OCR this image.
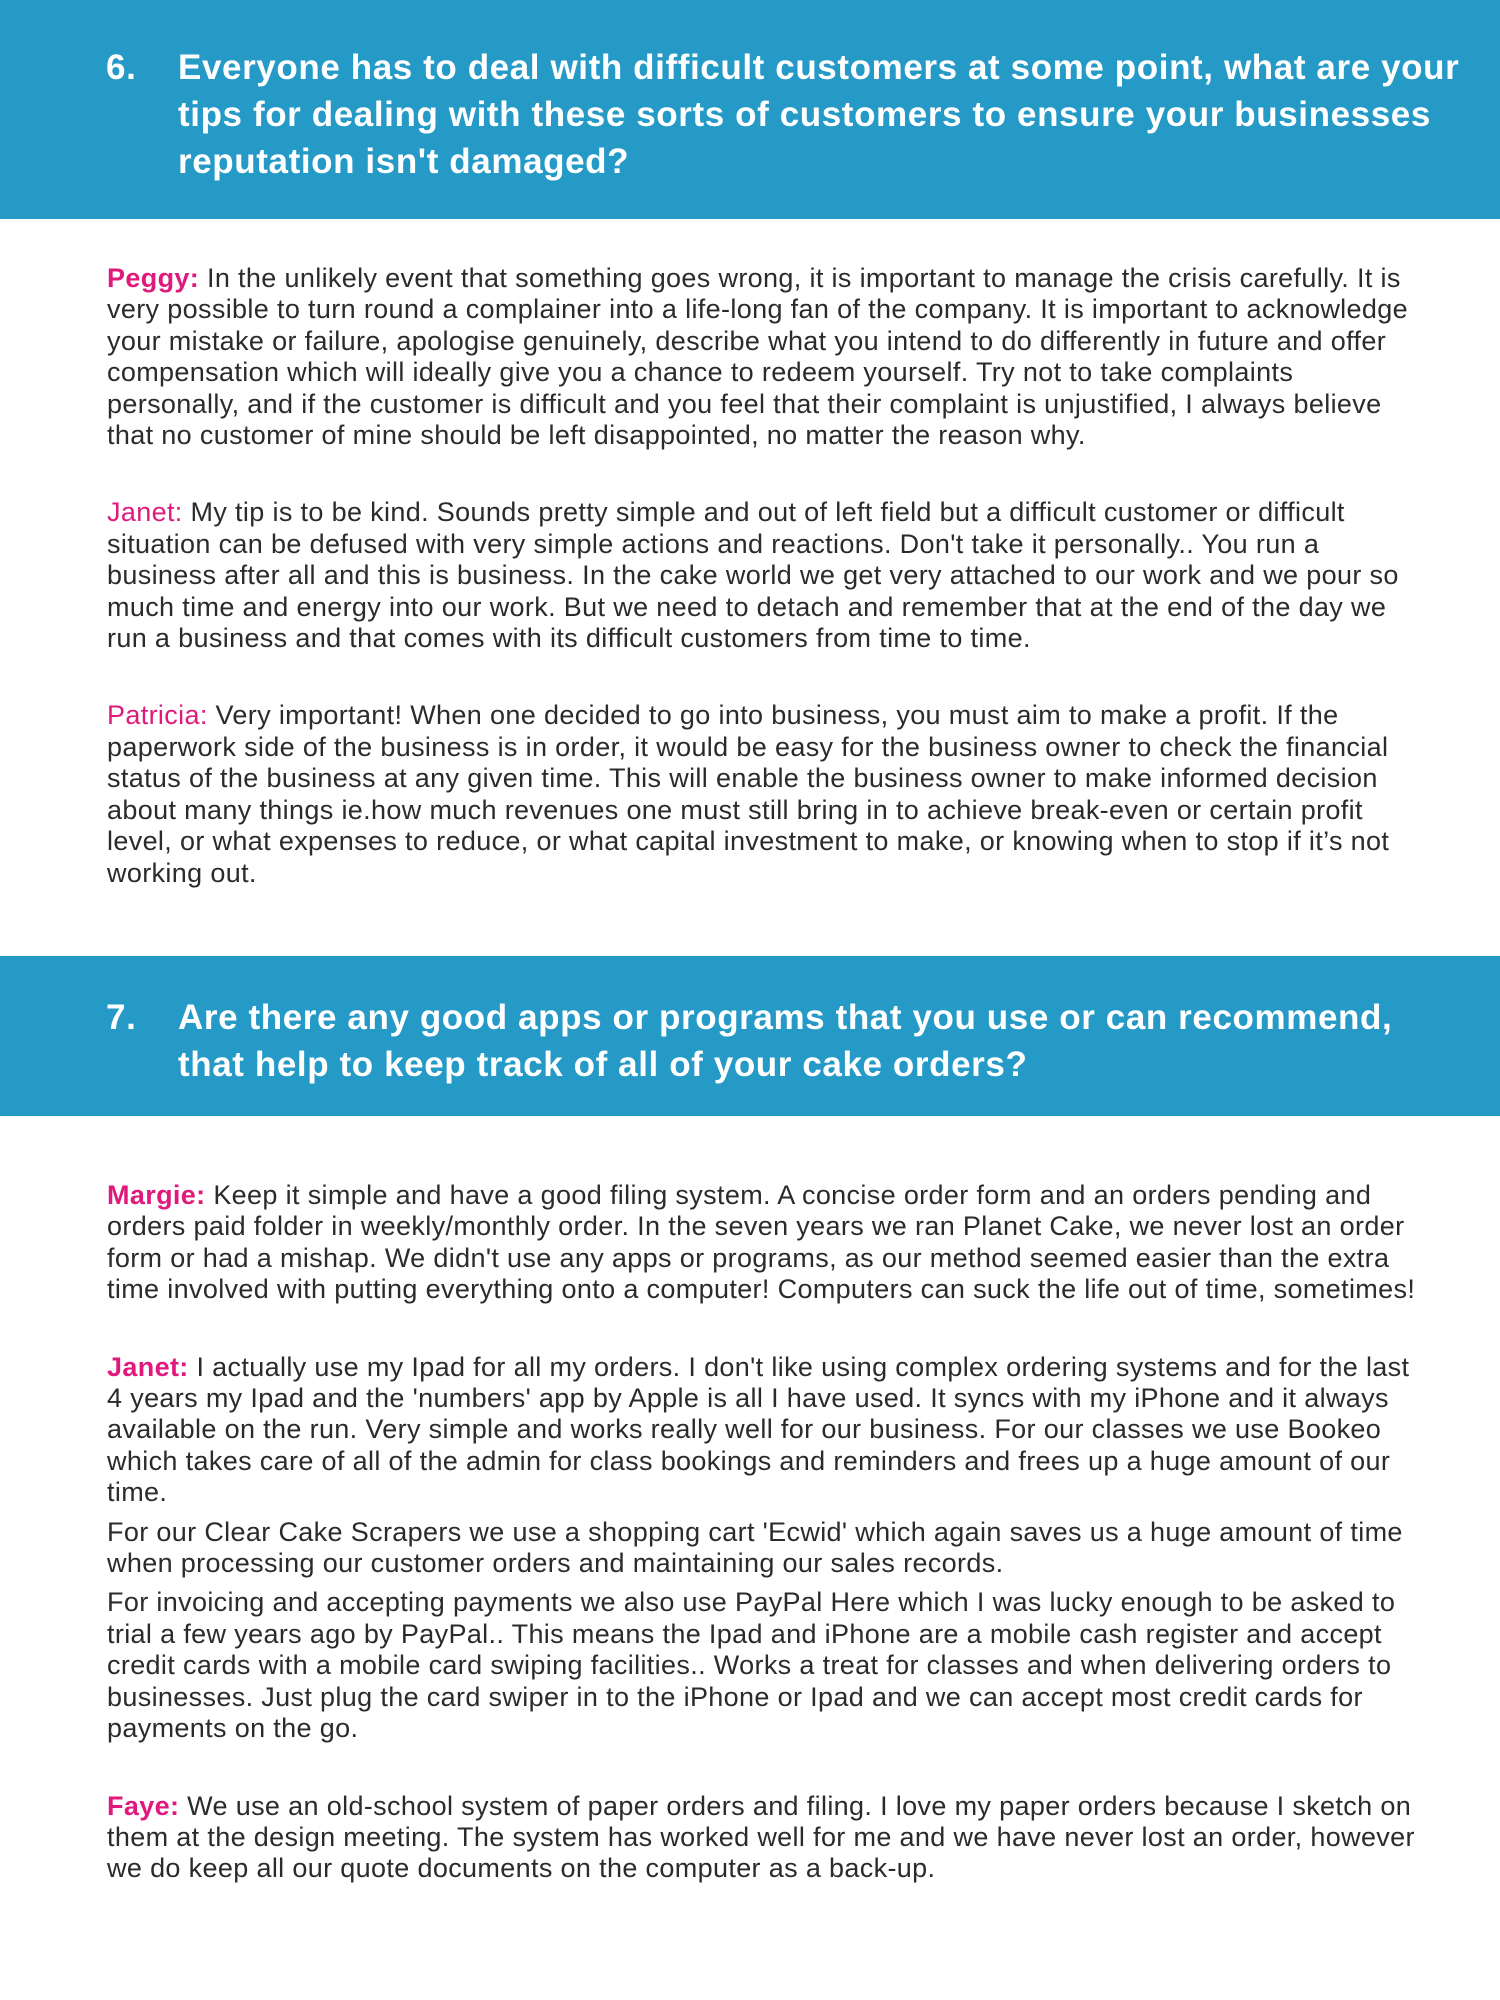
6.	Everyone has to deal with difficult customers at some point, what are your tips for dealing with these sorts of customers to ensure your businesses reputation isn't damaged?

Peggy: In the unlikely event that something goes wrong, it is important to manage the crisis carefully. It is very possible to turn round a complainer into a life-long fan of the company. It is important to acknowledge your mistake or failure, apologise genuinely, describe what you intend to do differently in future and offer compensation which will ideally give you a chance to redeem yourself. Try not to take complaints personally, and if the customer is difficult and you feel that their complaint is unjustified, I always believe that no customer of mine should be left disappointed, no matter the reason why.

Janet: My tip is to be kind. Sounds pretty simple and out of left field but a difficult customer or difficult situation can be defused with very simple actions and reactions. Don't take it personally.. You run a business after all and this is business. In the cake world we get very attached to our work and we pour so much time and energy into our work. But we need to detach and remember that at the end of the day we run a business and that comes with its difficult customers from time to time.

Patricia: Very important! When one decided to go into business, you must aim to make a profit. If the paperwork side of the business is in order, it would be easy for the business owner to check the financial status of the business at any given time. This will enable the business owner to make informed decision about many things ie.how much revenues one must still bring in to achieve break-even or certain profit level, or what expenses to reduce, or what capital investment to make, or knowing when to stop if it’s not working out.

7.	Are there any good apps or programs that you use or can recommend, that help to keep track of all of your cake orders?

Margie: Keep it simple and have a good filing system. A concise order form and an orders pending and orders paid folder in weekly/monthly order. In the seven years we ran Planet Cake, we never lost an order form or had a mishap. We didn't use any apps or programs, as our method seemed easier than the extra time involved with putting everything onto a computer! Computers can suck the life out of time, sometimes!

Janet: I actually use my Ipad for all my orders. I don't like using complex ordering systems and for the last 4 years my Ipad and the 'numbers' app by Apple is all I have used. It syncs with my iPhone and it always available on the run. Very simple and works really well for our business. For our classes we use Bookeo which takes care of all of the admin for class bookings and reminders and frees up a huge amount of our time.

For our Clear Cake Scrapers we use a shopping cart 'Ecwid' which again saves us a huge amount of time when processing our customer orders and maintaining our sales records.

For invoicing and accepting payments we also use PayPal Here which I was lucky enough to be asked to trial a few years ago by PayPal.. This means the Ipad and iPhone are a mobile cash register and accept credit cards with a mobile card swiping facilities.. Works a treat for classes and when delivering orders to businesses. Just plug the card swiper in to the iPhone or Ipad and we can accept most credit cards for payments on the go.

Faye: We use an old-school system of paper orders and filing. I love my paper orders because I sketch on them at the design meeting. The system has worked well for me and we have never lost an order, however we do keep all our quote documents on the computer as a back-up.
